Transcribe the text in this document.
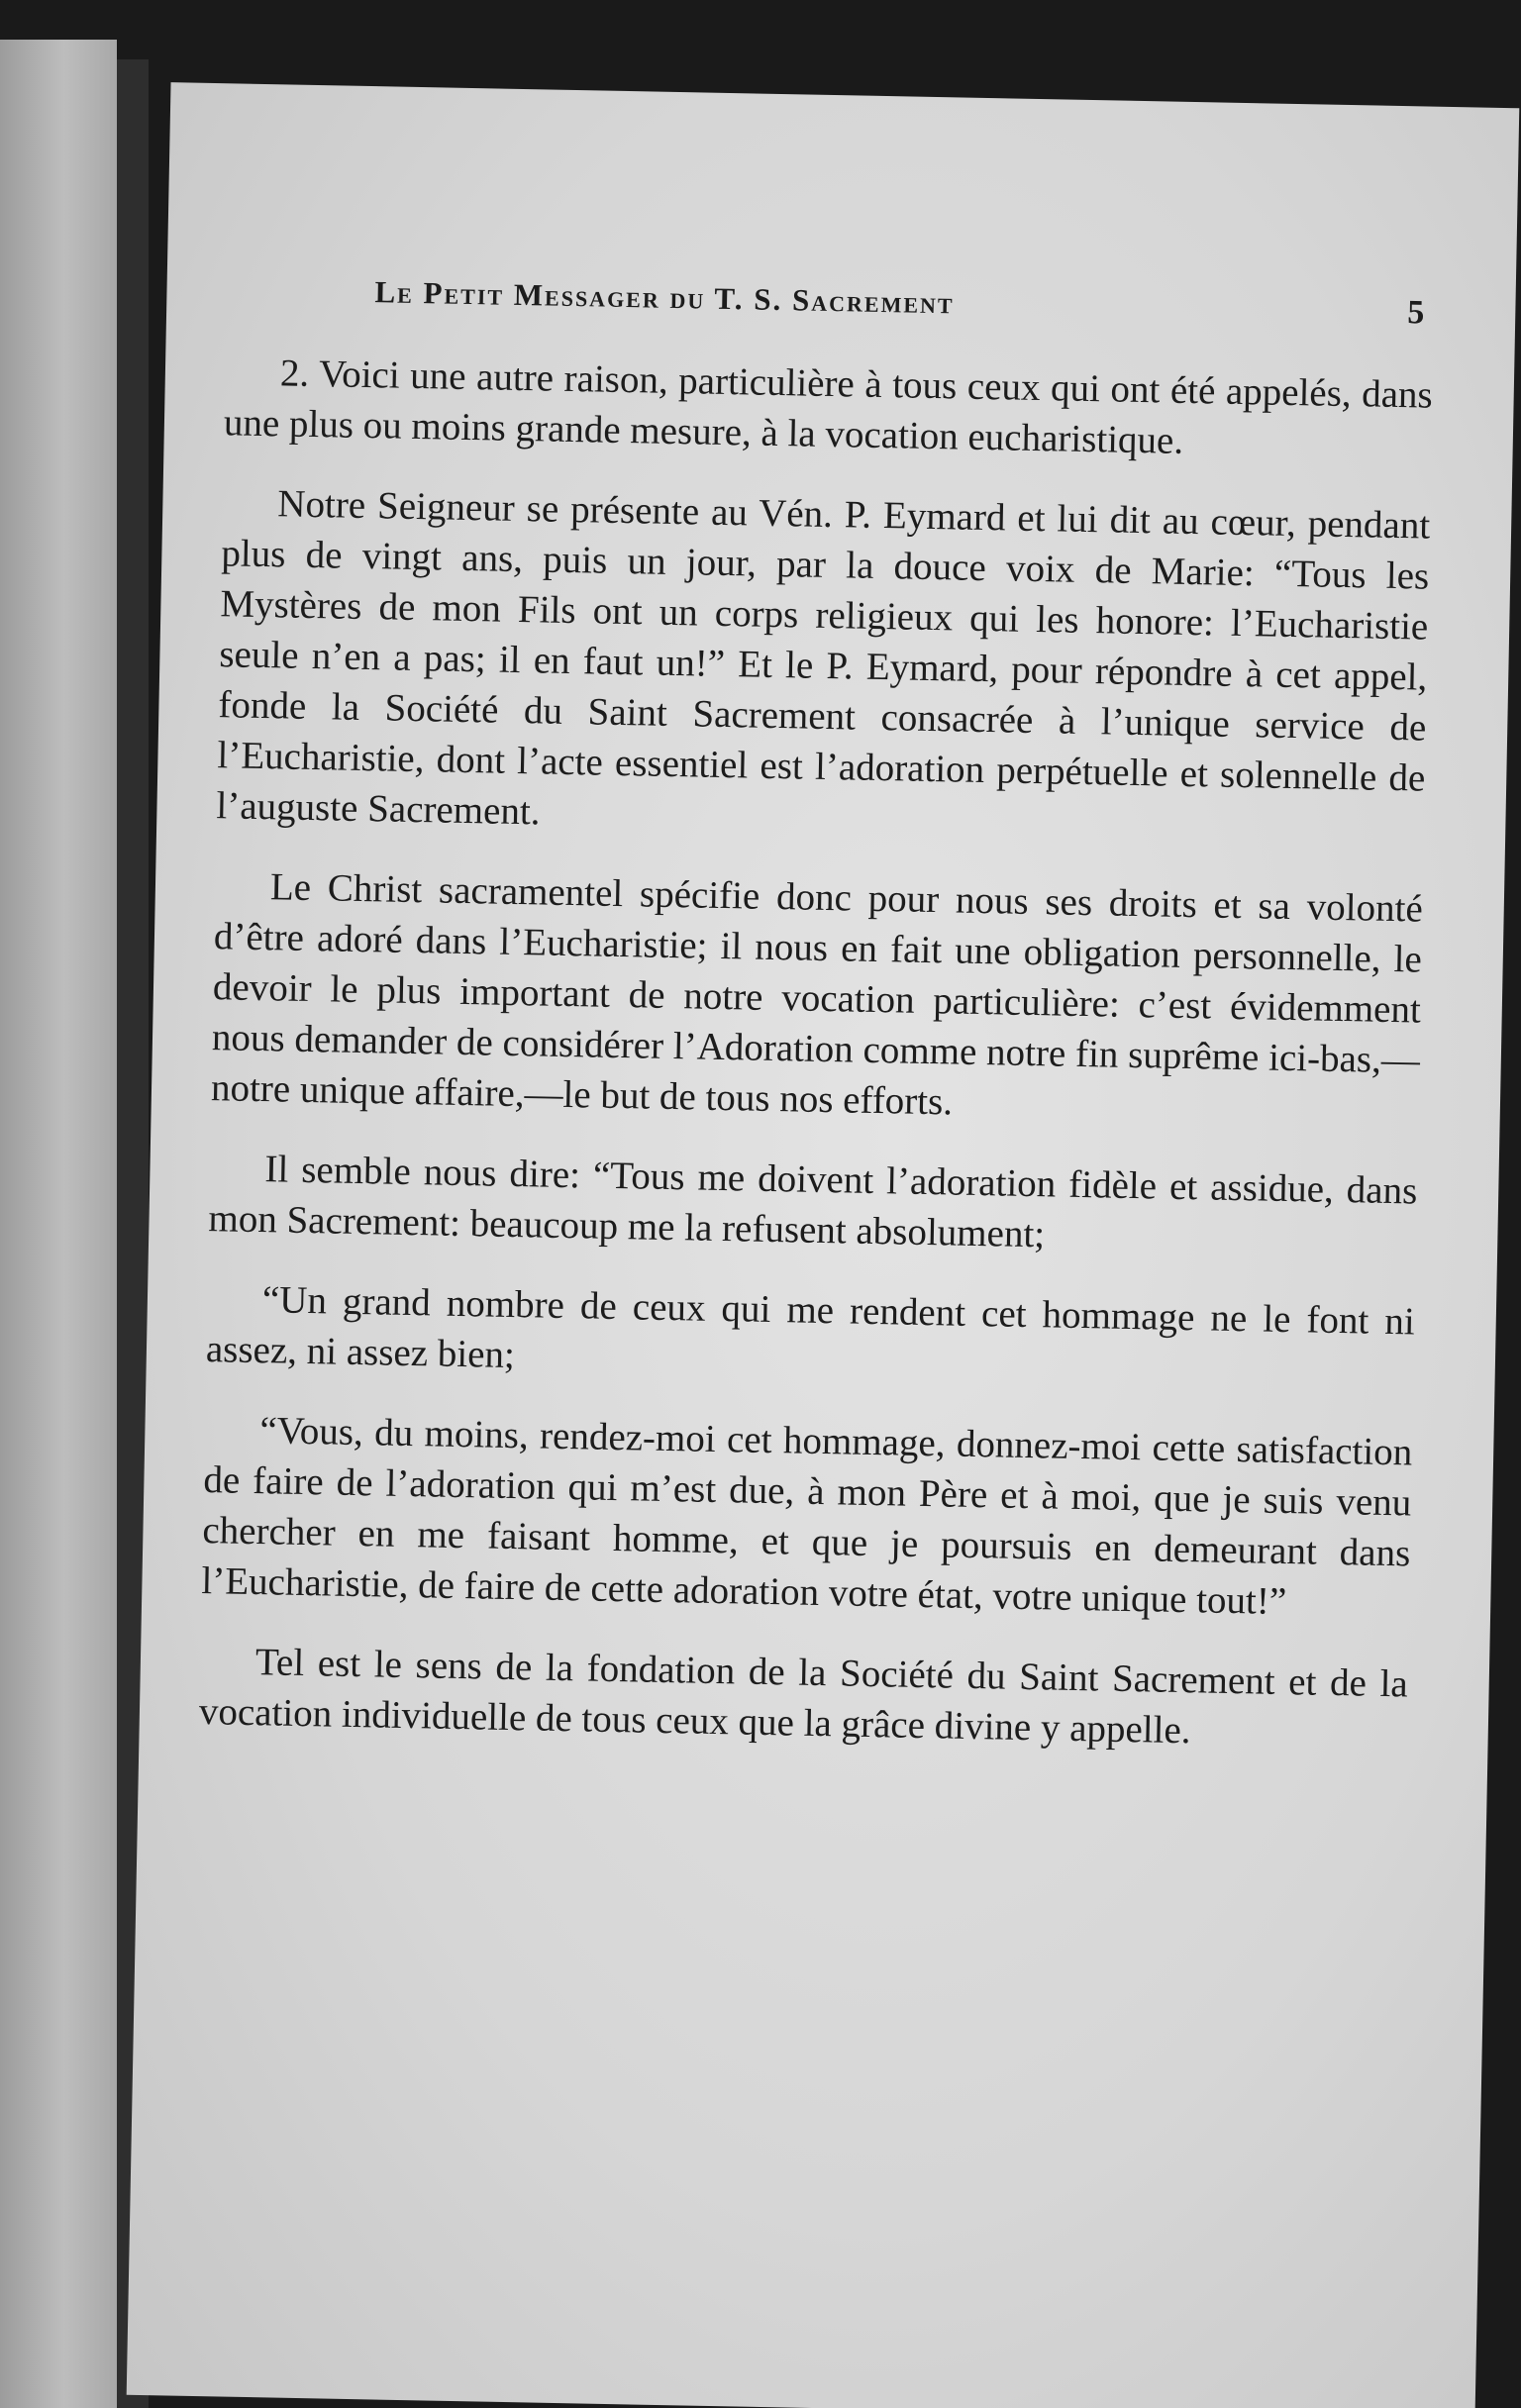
Le Petit Messager du T. S. Sacrement	5

2. Voici une autre raison, particulière à tous ceux qui ont été appelés, dans une plus ou moins grande mesure, à la vocation eucharistique.

Notre Seigneur se présente au Vén. P. Eymard et lui dit au cœur, pendant plus de vingt ans, puis un jour, par la douce voix de Marie: “Tous les Mystères de mon Fils ont un corps religieux qui les honore: l’Eucharistie seule n’en a pas; il en faut un!” Et le P. Eymard, pour répondre à cet appel, fonde la Société du Saint Sacrement consacrée à l’unique service de l’Eucharistie, dont l’acte essentiel est l’adoration perpétuelle et solennelle de l’auguste Sacrement.

Le Christ sacramentel spécifie donc pour nous ses droits et sa volonté d’être adoré dans l’Eucharistie; il nous en fait une obligation personnelle, le devoir le plus important de notre vocation particulière: c’est évidemment nous demander de considérer l’Adoration comme notre fin suprême ici-bas,—notre unique affaire,—le but de tous nos efforts.

Il semble nous dire: “Tous me doivent l’adoration fidèle et assidue, dans mon Sacrement: beaucoup me la refusent absolument;

“Un grand nombre de ceux qui me rendent cet hommage ne le font ni assez, ni assez bien;

“Vous, du moins, rendez-moi cet hommage, donnez-moi cette satisfaction de faire de l’adoration qui m’est due, à mon Père et à moi, que je suis venu chercher en me faisant homme, et que je poursuis en demeurant dans l’Eucharistie, de faire de cette adoration votre état, votre unique tout!”

Tel est le sens de la fondation de la Société du Saint Sacrement et de la vocation individuelle de tous ceux que la grâce divine y appelle.
